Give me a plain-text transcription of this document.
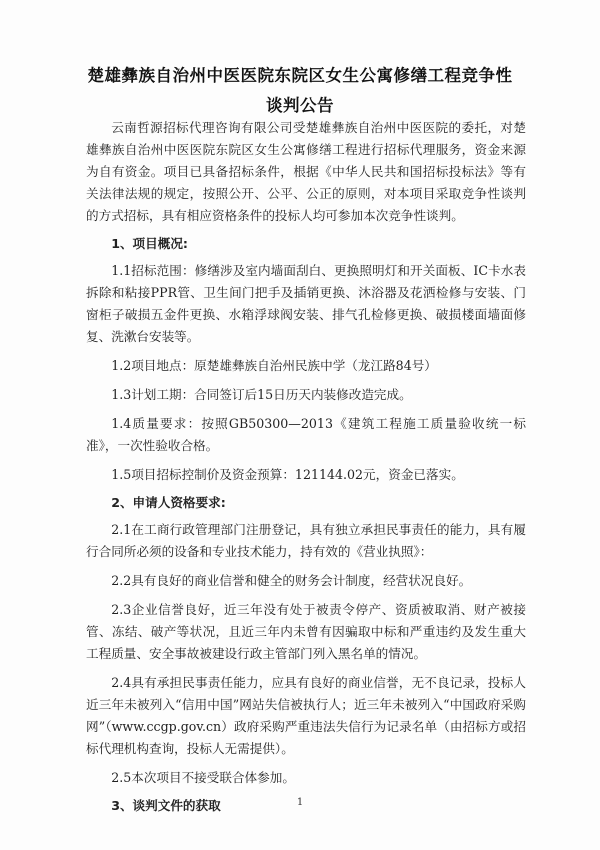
楚雄彝族自治州中医医院东院区女生公寓修缮工程竞争性
谈判公告

云南哲源招标代理咨询有限公司受楚雄彝族自治州中医医院的委托，对楚雄彝族自治州中医医院东院区女生公寓修缮工程进行招标代理服务，资金来源为自有资金。项目已具备招标条件，根据《中华人民共和国招标投标法》等有关法律法规的规定，按照公开、公平、公正的原则，对本项目采取竞争性谈判的方式招标，具有相应资格条件的投标人均可参加本次竞争性谈判。

1、项目概况:

1.1招标范围：修缮涉及室内墙面刮白、更换照明灯和开关面板、IC卡水表拆除和粘接PPR管、卫生间门把手及插销更换、沐浴器及花洒检修与安装、门窗柜子破损五金件更换、水箱浮球阀安装、排气孔检修更换、破损楼面墙面修复、洗漱台安装等。

1.2项目地点：原楚雄彝族自治州民族中学（龙江路84号）

1.3计划工期：合同签订后15日历天内装修改造完成。

1.4质量要求：按照GB50300—2013《建筑工程施工质量验收统一标准》，一次性验收合格。

1.5项目招标控制价及资金预算：121144.02元，资金已落实。

2、申请人资格要求:

2.1在工商行政管理部门注册登记，具有独立承担民事责任的能力，具有履行合同所必须的设备和专业技术能力，持有效的《营业执照》：

2.2具有良好的商业信誉和健全的财务会计制度，经营状况良好。

2.3企业信誉良好，近三年没有处于被责令停产、资质被取消、财产被接管、冻结、破产等状况，且近三年内未曾有因骗取中标和严重违约及发生重大工程质量、安全事故被建设行政主管部门列入黑名单的情况。

2.4具有承担民事责任能力，应具有良好的商业信誉，无不良记录，投标人近三年未被列入“信用中国”网站失信被执行人；近三年未被列入“中国政府采购网”（www.ccgp.gov.cn）政府采购严重违法失信行为记录名单（由招标方或招标代理机构查询，投标人无需提供）。

2.5本次项目不接受联合体参加。

3、谈判文件的获取	1
